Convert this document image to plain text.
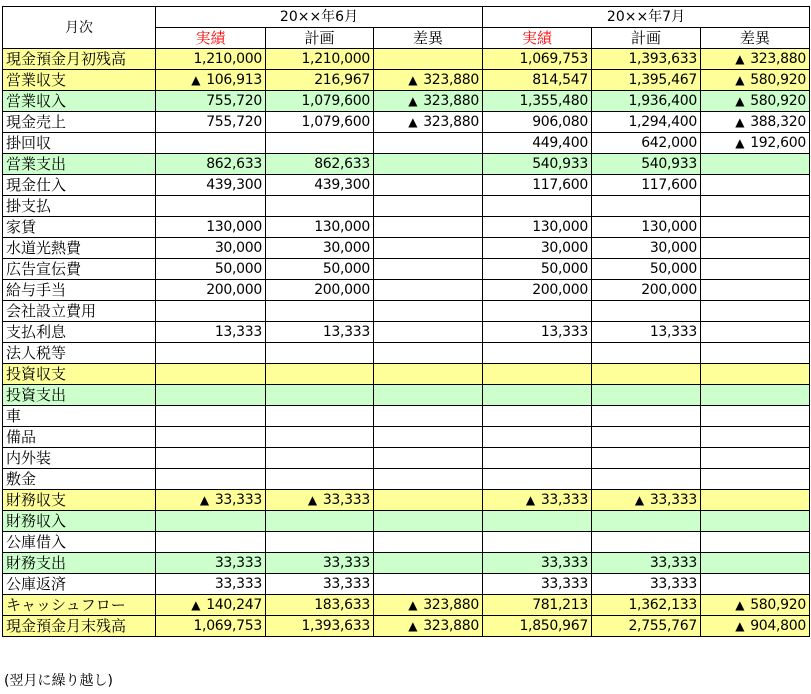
月次	20××年6月			20××年7月		
	実績	計画	差異	実績	計画	差異
現金預金月初残高	1,210,000	1,210,000		1,069,753	1,393,633	▲ 323,880
営業収支	▲ 106,913	216,967	▲ 323,880	814,547	1,395,467	▲ 580,920
営業収入	755,720	1,079,600	▲ 323,880	1,355,480	1,936,400	▲ 580,920
現金売上	755,720	1,079,600	▲ 323,880	906,080	1,294,400	▲ 388,320
掛回収				449,400	642,000	▲ 192,600
営業支出	862,633	862,633		540,933	540,933	
現金仕入	439,300	439,300		117,600	117,600	
掛支払						
家賃	130,000	130,000		130,000	130,000	
水道光熱費	30,000	30,000		30,000	30,000	
広告宣伝費	50,000	50,000		50,000	50,000	
給与手当	200,000	200,000		200,000	200,000	
会社設立費用						
支払利息	13,333	13,333		13,333	13,333	
法人税等						
投資収支						
投資支出						
車						
備品						
内外装						
敷金						
財務収支	▲ 33,333	▲ 33,333		▲ 33,333	▲ 33,333	
財務収入						
公庫借入						
財務支出	33,333	33,333		33,333	33,333	
公庫返済	33,333	33,333		33,333	33,333	
キャッシュフロー	▲ 140,247	183,633	▲ 323,880	781,213	1,362,133	▲ 580,920
現金預金月末残高	1,069,753	1,393,633	▲ 323,880	1,850,967	2,755,767	▲ 904,800
(翌月に繰り越し)
